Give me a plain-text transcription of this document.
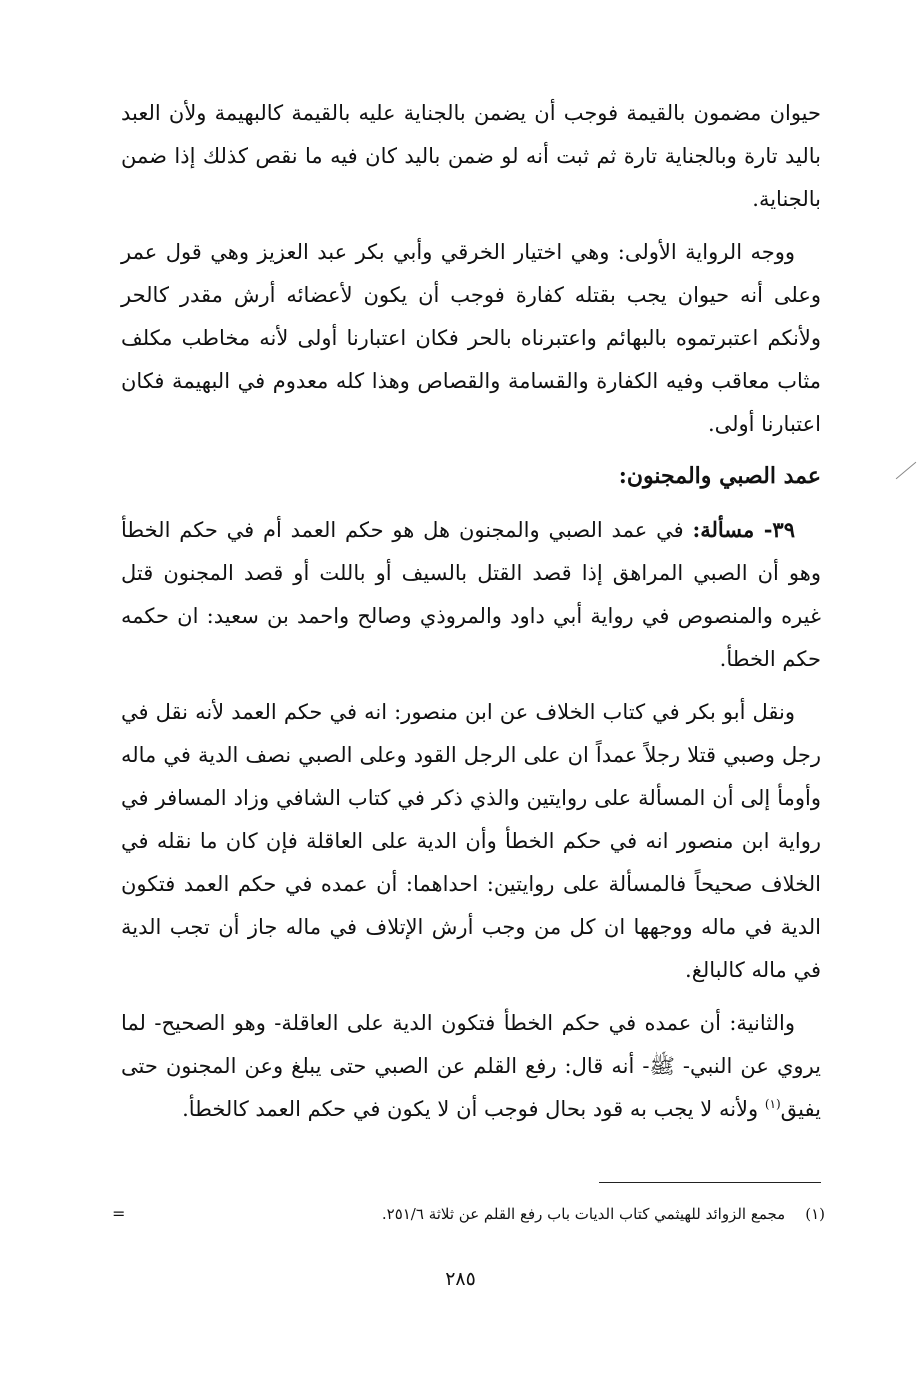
حيوان مضمون بالقيمة فوجب أن يضمن بالجناية عليه بالقيمة كالبهيمة ولأن العبد باليد تارة وبالجناية تارة ثم ثبت أنه لو ضمن باليد كان فيه ما نقص كذلك إذا ضمن بالجناية.

ووجه الرواية الأولى: وهي اختيار الخرقي وأبي بكر عبد العزيز وهي قول عمر وعلى أنه حيوان يجب بقتله كفارة فوجب أن يكون لأعضائه أرش مقدر كالحر ولأنكم اعتبرتموه بالبهائم واعتبرناه بالحر فكان اعتبارنا أولى لأنه مخاطب مكلف مثاب معاقب وفيه الكفارة والقسامة والقصاص وهذا كله معدوم في البهيمة فكان اعتبارنا أولى.

عمد الصبي والمجنون:

٣٩- مسألة: في عمد الصبي والمجنون هل هو حكم العمد أم في حكم الخطأ وهو أن الصبي المراهق إذا قصد القتل بالسيف أو باللت أو قصد المجنون قتل غيره والمنصوص في رواية أبي داود والمروذي وصالح واحمد بن سعيد: ان حكمه حكم الخطأ.

ونقل أبو بكر في كتاب الخلاف عن ابن منصور: انه في حكم العمد لأنه نقل في رجل وصبي قتلا رجلاً عمداً ان على الرجل القود وعلى الصبي نصف الدية في ماله وأومأ إلى أن المسألة على روايتين والذي ذكر في كتاب الشافي وزاد المسافر في رواية ابن منصور انه في حكم الخطأ وأن الدية على العاقلة فإن كان ما نقله في الخلاف صحيحاً فالمسألة على روايتين: احداهما: أن عمده في حكم العمد فتكون الدية في ماله ووجهها ان كل من وجب أرش الإتلاف في ماله جاز أن تجب الدية في ماله كالبالغ.

والثانية: أن عمده في حكم الخطأ فتكون الدية على العاقلة- وهو الصحيح- لما يروي عن النبي- ﷺ- أنه قال: رفع القلم عن الصبي حتى يبلغ وعن المجنون حتى يفيق$^{(١)}$ ولأنه لا يجب به قود بحال فوجب أن لا يكون في حكم العمد كالخطأ.

(١)مجمع الزوائد للهيثمي كتاب الديات باب رفع القلم عن ثلاثة ٢٥١/٦.
=
٢٨٥
